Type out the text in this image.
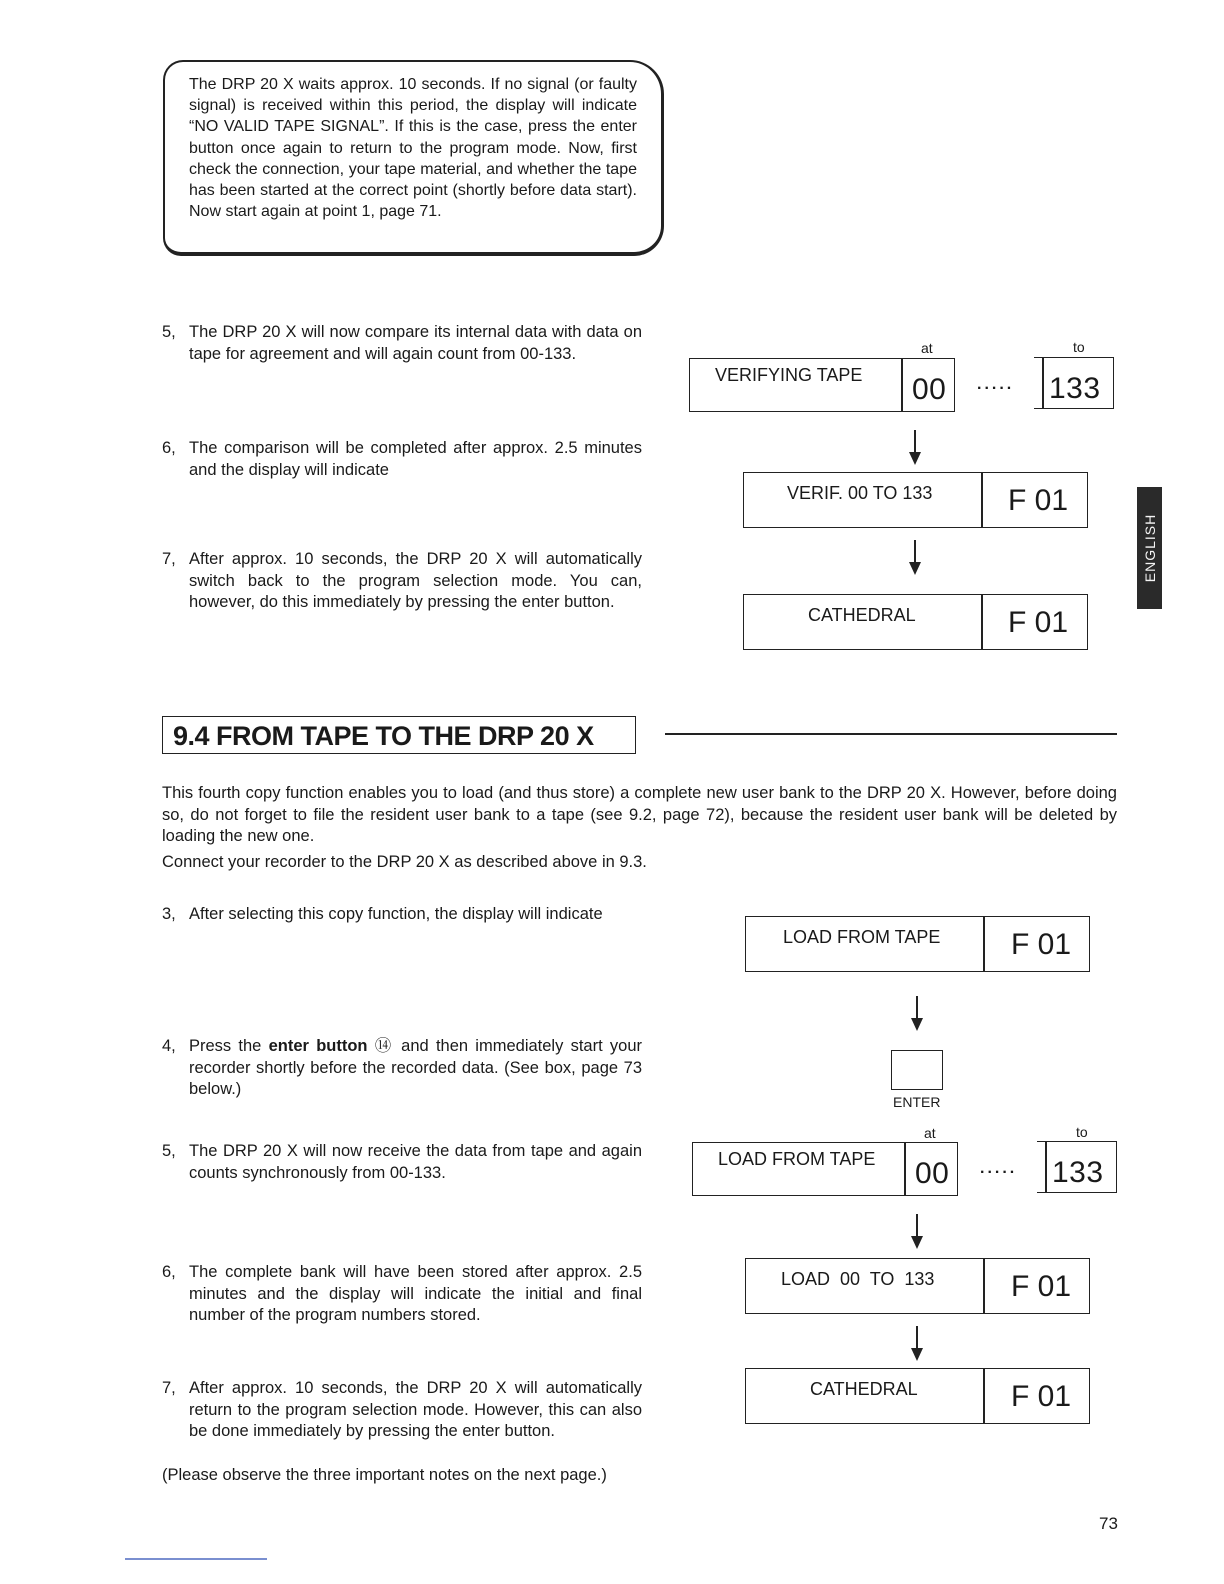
The DRP 20 X waits approx. 10 seconds. If no signal (or faulty signal) is received within this period, the display will indicate “NO VALID TAPE SIGNAL”. If this is the case, press the enter button once again to return to the program mode. Now, first check the connection, your tape material, and whether the tape has been started at the correct point (shortly before data start). Now start again at point 1, page 71.

5, The DRP 20 X will now compare its internal data with data on tape for agreement and will again count from 00-133.

6, The comparison will be completed after approx. 2.5 minutes and the display will indicate

7, After approx. 10 seconds, the DRP 20 X will automatically switch back to the program selection mode. You can, however, do this immediately by pressing the enter button.

at	to
VERIFYING TAPE 00 ..... 133
VERIF. 00 TO 133	F 01
CATHEDRAL	F 01
ENGLISH
9.4 FROM TAPE TO THE DRP 20 X
This fourth copy function enables you to load (and thus store) a complete new user bank to the DRP 20 X. However, before doing so, do not forget to file the resident user bank to a tape (see 9.2, page 72), because the resident user bank will be deleted by loading the new one.
Connect your recorder to the DRP 20 X as described above in 9.3.
3, After selecting this copy function, the display will indicate

4, Press the enter button ⑭ and then immediately start your recorder shortly before the recorded data. (See box, page 73 below.)

5, The DRP 20 X will now receive the data from tape and again counts synchronously from 00-133.

6, The complete bank will have been stored after approx. 2.5 minutes and the display will indicate the initial and final number of the program numbers stored.

7, After approx. 10 seconds, the DRP 20 X will automatically return to the program selection mode. However, this can also be done immediately by pressing the enter button.

LOAD FROM TAPE F 01
ENTER
at	to
LOAD FROM TAPE 00 ..... 133
LOAD  00  TO  133	F 01
CATHEDRAL	F 01
(Please observe the three important notes on the next page.)
73
